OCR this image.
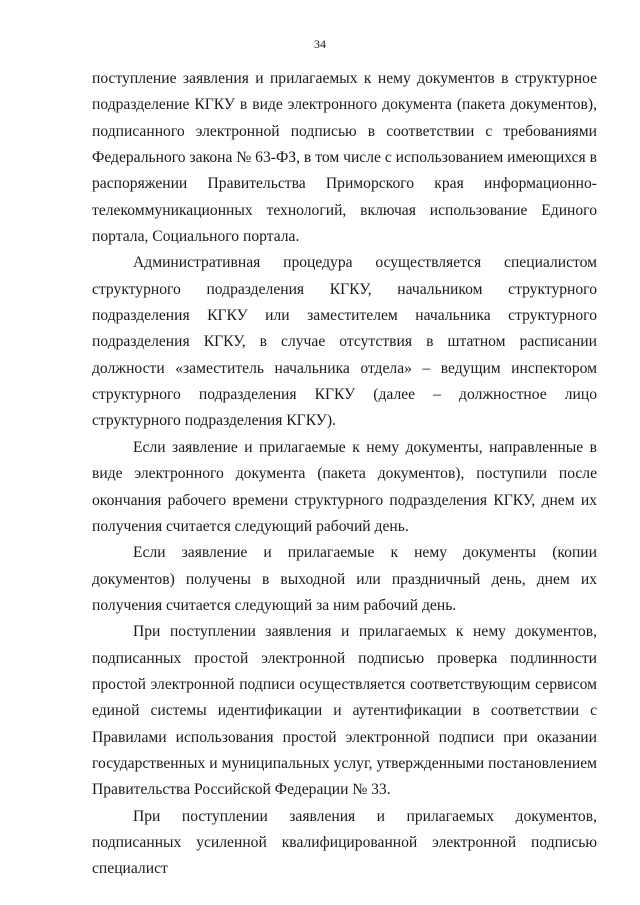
34

поступление заявления и прилагаемых к нему документов в структурное подразделение КГКУ в виде электронного документа (пакета документов), подписанного электронной подписью в соответствии с требованиями Федерального закона № 63-ФЗ, в том числе с использованием имеющихся в распоряжении Правительства Приморского края информационно-телекоммуникационных технологий, включая использование Единого портала, Социального портала.

Административная процедура осуществляется специалистом структурного подразделения КГКУ, начальником структурного подразделения КГКУ или заместителем начальника структурного подразделения КГКУ, в случае отсутствия в штатном расписании должности «заместитель начальника отдела» – ведущим инспектором структурного подразделения КГКУ (далее – должностное лицо структурного подразделения КГКУ).

Если заявление и прилагаемые к нему документы, направленные в виде электронного документа (пакета документов), поступили после окончания рабочего времени структурного подразделения КГКУ, днем их получения считается следующий рабочий день.

Если заявление и прилагаемые к нему документы (копии документов) получены в выходной или праздничный день, днем их получения считается следующий за ним рабочий день.

При поступлении заявления и прилагаемых к нему документов, подписанных простой электронной подписью проверка подлинности простой электронной подписи осуществляется соответствующим сервисом единой системы идентификации и аутентификации в соответствии с Правилами использования простой электронной подписи при оказании государственных и муниципальных услуг, утвержденными постановлением Правительства Российской Федерации № 33.

При поступлении заявления и прилагаемых документов, подписанных усиленной квалифицированной электронной подписью специалист
